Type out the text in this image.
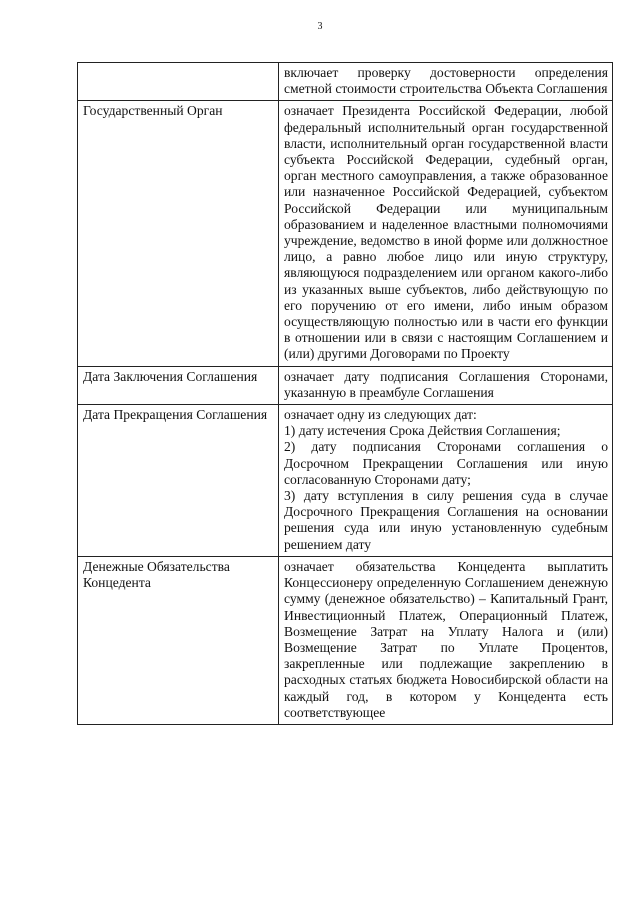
3
	включает проверку достоверности определения сметной стоимости строительства Объекта Соглашения
Государственный Орган	означает Президента Российской Федерации, любой федеральный исполнительный орган государственной власти, исполнительный орган государственной власти субъекта Российской Федерации, судебный орган, орган местного самоуправления, а также образованное или назначенное Российской Федерацией, субъектом Российской Федерации или муниципальным образованием и наделенное властными полномочиями учреждение, ведомство в иной форме или должностное лицо, а равно любое лицо или иную структуру, являющуюся подразделением или органом какого-либо из указанных выше субъектов, либо действующую по его поручению от его имени, либо иным образом осуществляющую полностью или в части его функции в отношении или в связи с настоящим Соглашением и (или) другими Договорами по Проекту
Дата Заключения Соглашения	означает дату подписания Соглашения Сторонами, указанную в преамбуле Соглашения
Дата Прекращения Соглашения	означает одну из следующих дат:
1) дату истечения Срока Действия Соглашения;
2) дату подписания Сторонами соглашения о Досрочном Прекращении Соглашения или иную согласованную Сторонами дату;
3) дату вступления в силу решения суда в случае Досрочного Прекращения Соглашения на основании решения суда или иную установленную судебным решением дату

Денежные Обязательства Концедента	означает обязательства Концедента выплатить Концессионеру определенную Соглашением денежную сумму (денежное обязательство) – Капитальный Грант, Инвестиционный Платеж, Операционный Платеж, Возмещение Затрат на Уплату Налога и (или) Возмещение Затрат по Уплате Процентов, закрепленные или подлежащие закреплению в расходных статьях бюджета Новосибирской области на каждый год, в котором у Концедента есть соответствующее
